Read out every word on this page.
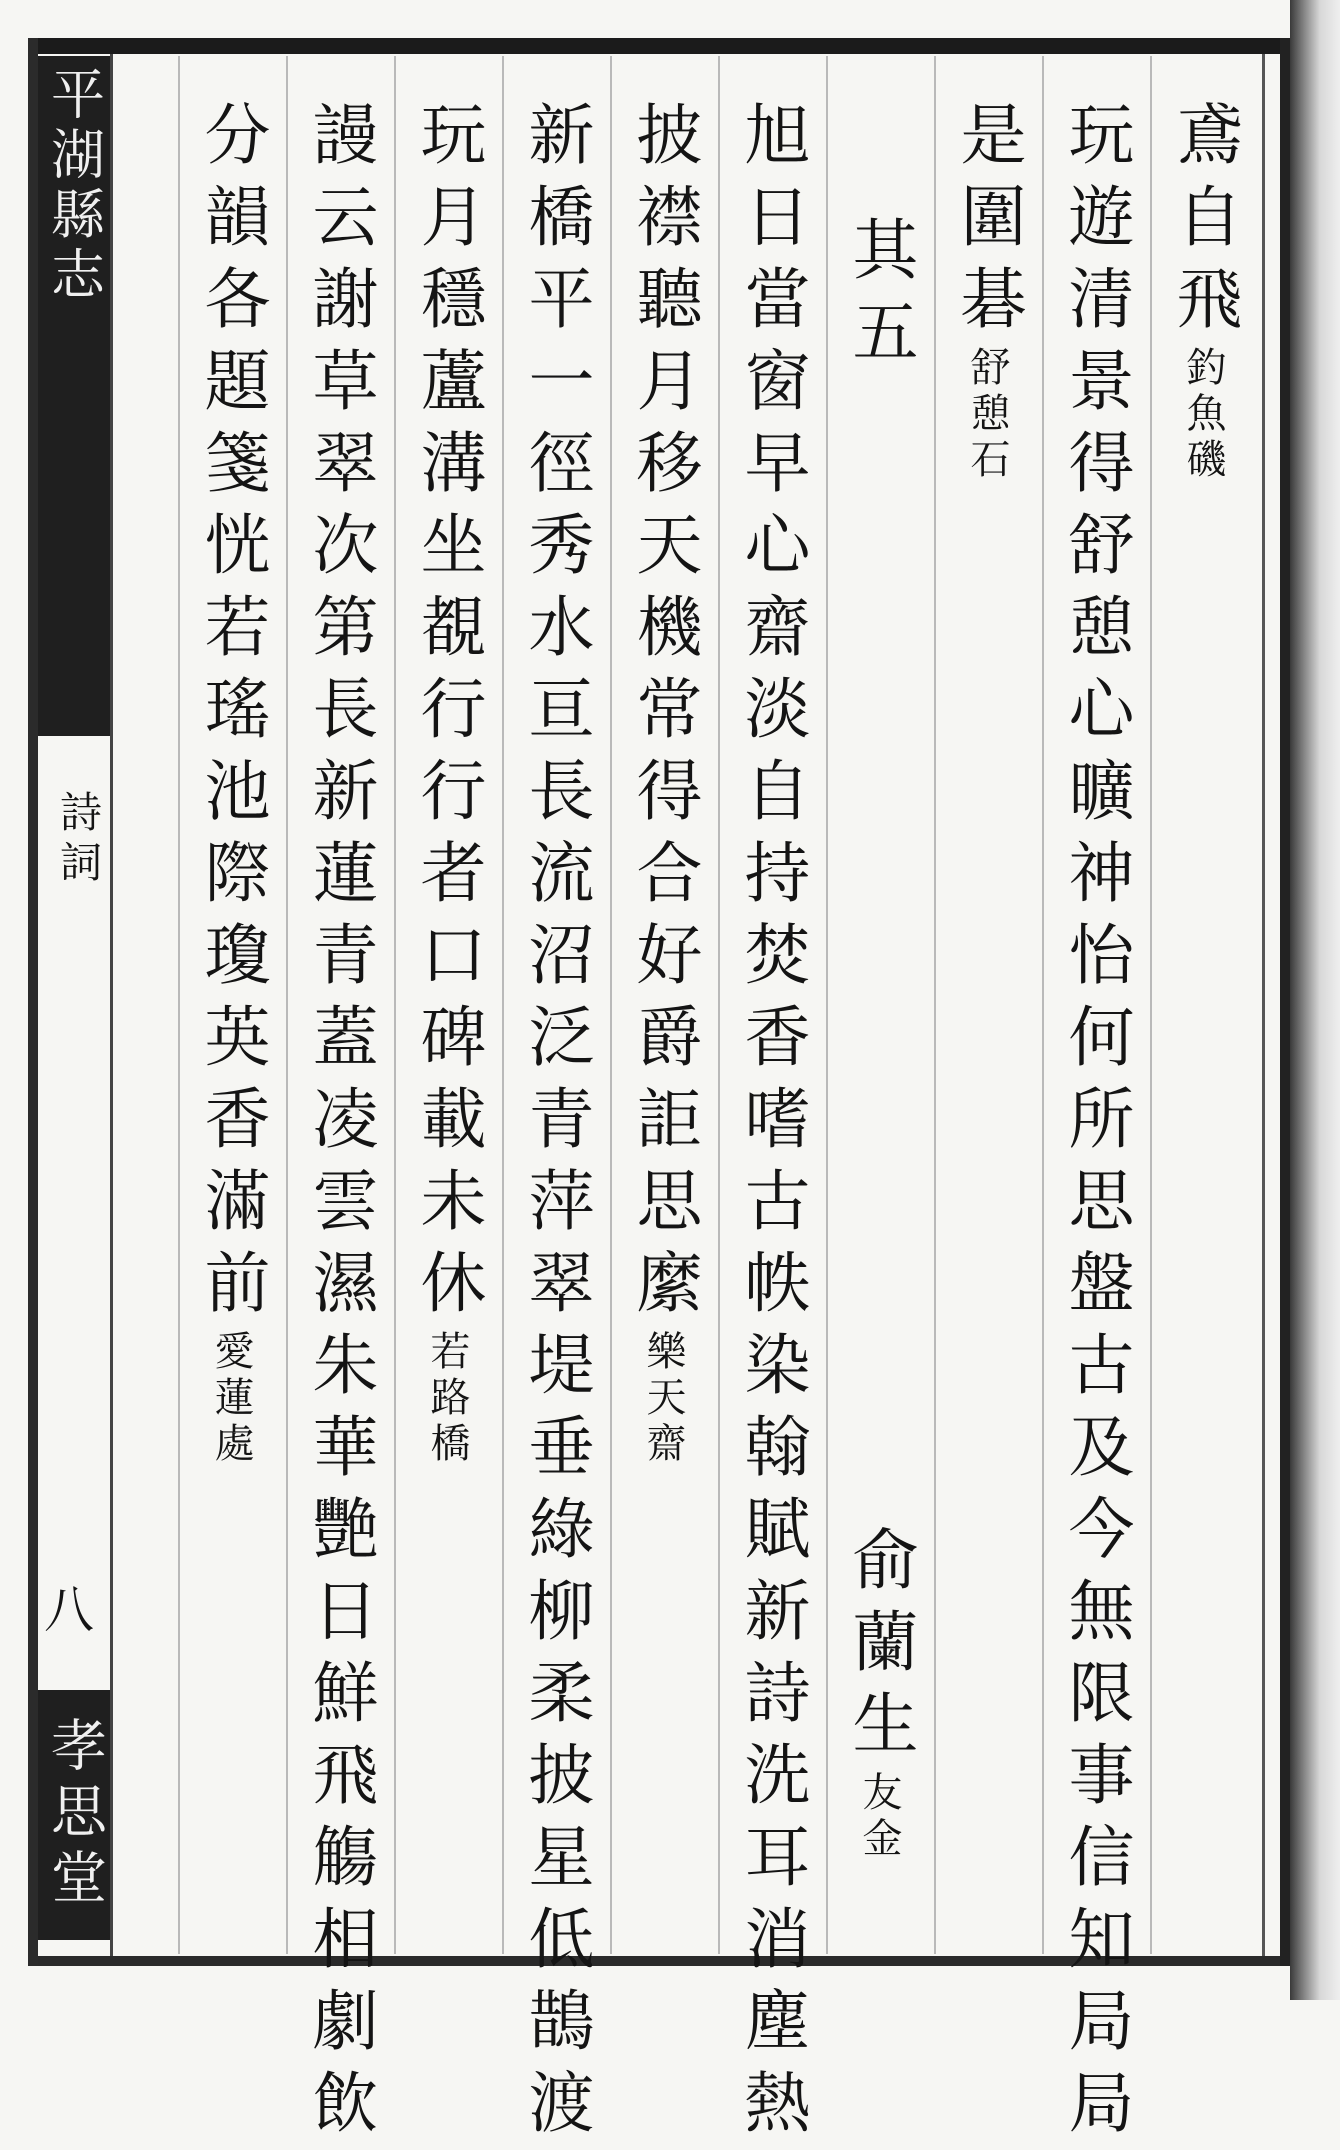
平湖縣志
詩詞
八
孝思堂
鳶自飛釣魚磯
玩遊清景得舒憩心曠神怡何所思盤古及今無限事信知局局
是圍碁舒憩石
其五
俞蘭生友金
旭日當窗早心齋淡自持焚香嗜古帙染翰賦新詩洗耳消塵熱
披襟聽月移天機常得合好爵詎思縻樂天齋
新橋平一徑秀水亘長流沼泛青萍翠堤垂綠柳柔披星低鵲渡
玩月穩蘆溝坐覩行行者口碑載未休若路橋
謾云謝草翠次第長新蓮青蓋凌雲濕朱華艷日鮮飛觴相劇飲
分韻各題箋恍若瑤池際瓊英香滿前愛蓮處
